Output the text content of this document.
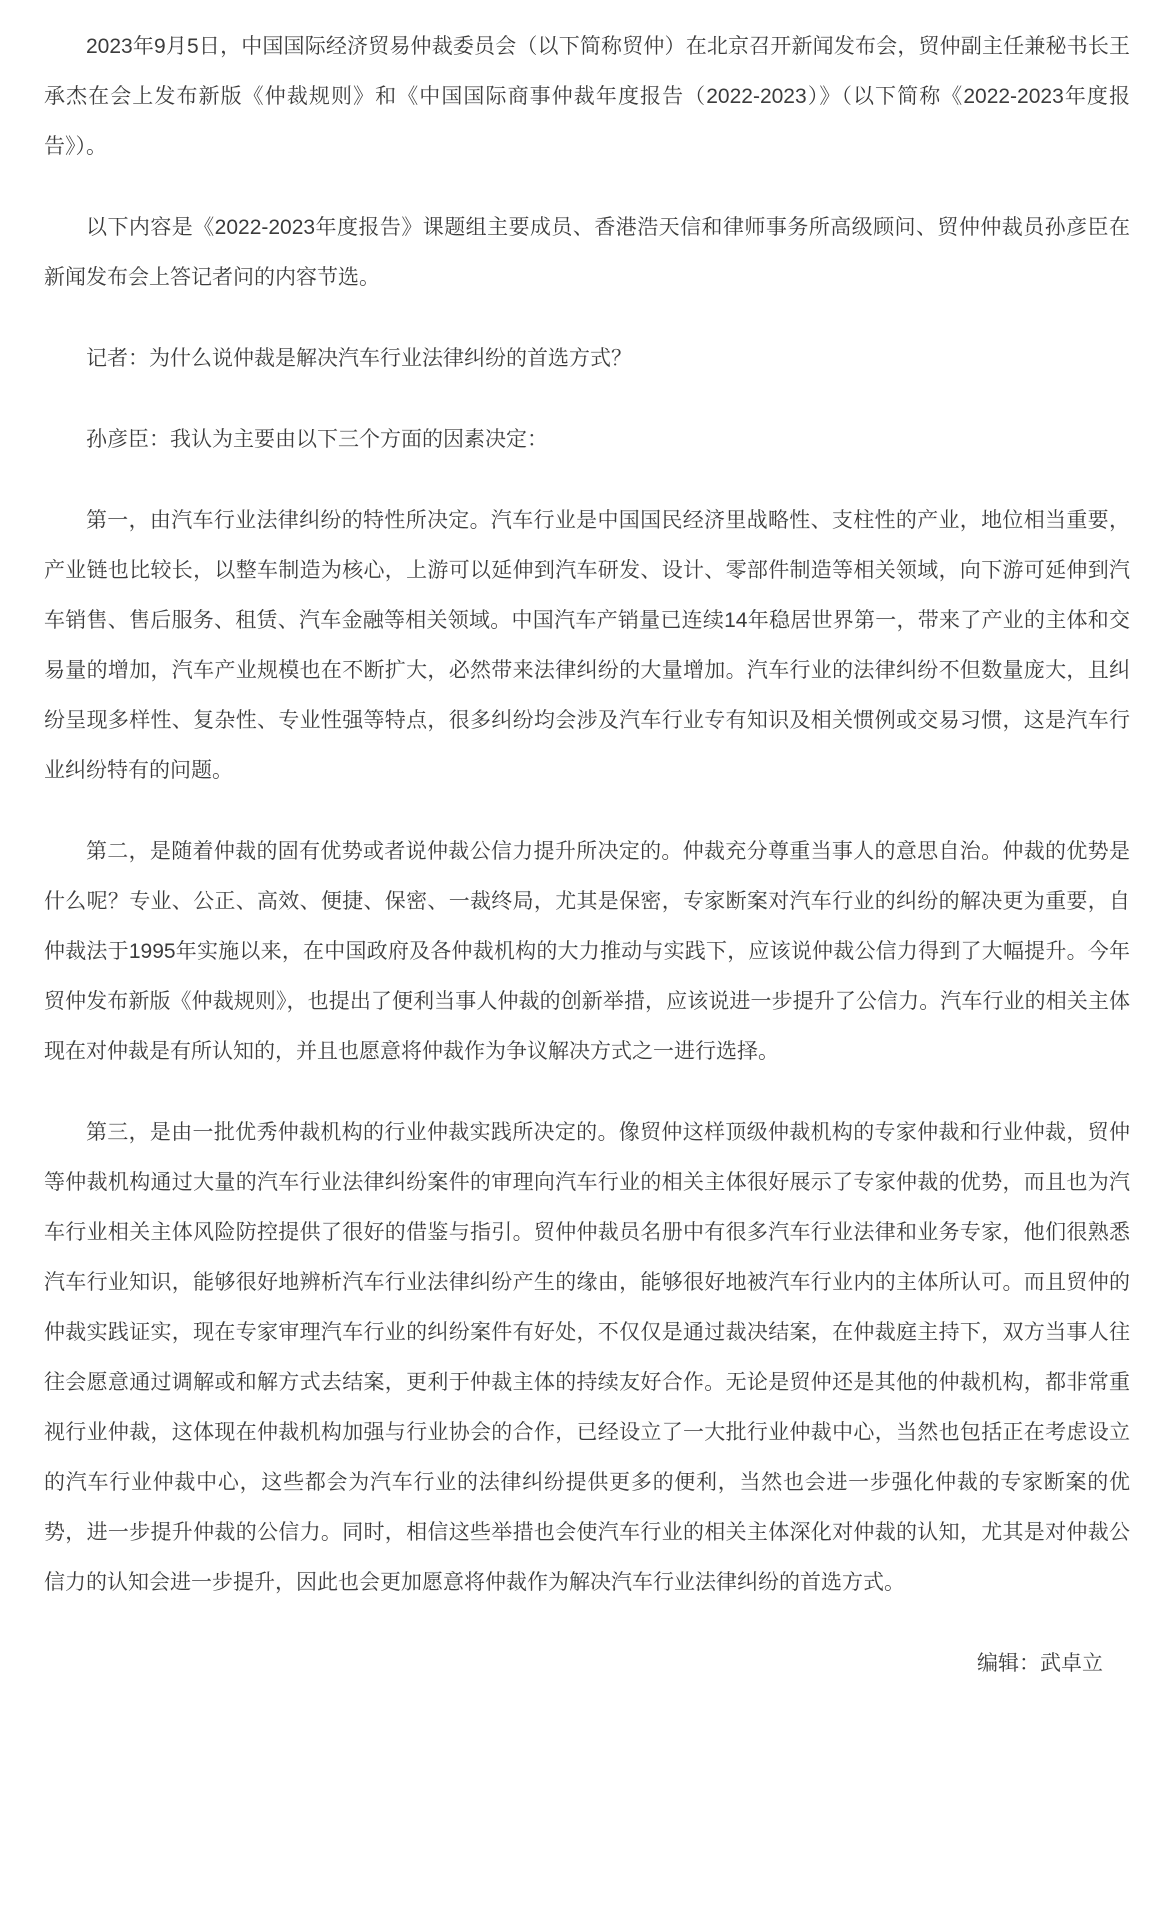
2023年9月5日，中国国际经济贸易仲裁委员会（以下简称贸仲）在北京召开新闻发布会，贸仲副主任兼秘书长王承杰在会上发布新版《仲裁规则》和《中国国际商事仲裁年度报告（2022-2023）》（以下简称《2022-2023年度报告》）。

以下内容是《2022-2023年度报告》课题组主要成员、香港浩天信和律师事务所高级顾问、贸仲仲裁员孙彦臣在新闻发布会上答记者问的内容节选。

记者：为什么说仲裁是解决汽车行业法律纠纷的首选方式？

孙彦臣：我认为主要由以下三个方面的因素决定：

第一，由汽车行业法律纠纷的特性所决定。汽车行业是中国国民经济里战略性、支柱性的产业，地位相当重要，产业链也比较长，以整车制造为核心，上游可以延伸到汽车研发、设计、零部件制造等相关领域，向下游可延伸到汽车销售、售后服务、租赁、汽车金融等相关领域。中国汽车产销量已连续14年稳居世界第一，带来了产业的主体和交易量的增加，汽车产业规模也在不断扩大，必然带来法律纠纷的大量增加。汽车行业的法律纠纷不但数量庞大，且纠纷呈现多样性、复杂性、专业性强等特点，很多纠纷均会涉及汽车行业专有知识及相关惯例或交易习惯，这是汽车行业纠纷特有的问题。

第二，是随着仲裁的固有优势或者说仲裁公信力提升所决定的。仲裁充分尊重当事人的意思自治。仲裁的优势是什么呢？专业、公正、高效、便捷、保密、一裁终局，尤其是保密，专家断案对汽车行业的纠纷的解决更为重要，自仲裁法于1995年实施以来，在中国政府及各仲裁机构的大力推动与实践下，应该说仲裁公信力得到了大幅提升。今年贸仲发布新版《仲裁规则》，也提出了便利当事人仲裁的创新举措，应该说进一步提升了公信力。汽车行业的相关主体现在对仲裁是有所认知的，并且也愿意将仲裁作为争议解决方式之一进行选择。

第三，是由一批优秀仲裁机构的行业仲裁实践所决定的。像贸仲这样顶级仲裁机构的专家仲裁和行业仲裁，贸仲等仲裁机构通过大量的汽车行业法律纠纷案件的审理向汽车行业的相关主体很好展示了专家仲裁的优势，而且也为汽车行业相关主体风险防控提供了很好的借鉴与指引。贸仲仲裁员名册中有很多汽车行业法律和业务专家，他们很熟悉汽车行业知识，能够很好地辨析汽车行业法律纠纷产生的缘由，能够很好地被汽车行业内的主体所认可。而且贸仲的仲裁实践证实，现在专家审理汽车行业的纠纷案件有好处，不仅仅是通过裁决结案，在仲裁庭主持下，双方当事人往往会愿意通过调解或和解方式去结案，更利于仲裁主体的持续友好合作。无论是贸仲还是其他的仲裁机构，都非常重视行业仲裁，这体现在仲裁机构加强与行业协会的合作，已经设立了一大批行业仲裁中心，当然也包括正在考虑设立的汽车行业仲裁中心，这些都会为汽车行业的法律纠纷提供更多的便利，当然也会进一步强化仲裁的专家断案的优势，进一步提升仲裁的公信力。同时，相信这些举措也会使汽车行业的相关主体深化对仲裁的认知，尤其是对仲裁公信力的认知会进一步提升，因此也会更加愿意将仲裁作为解决汽车行业法律纠纷的首选方式。

编辑：武卓立
